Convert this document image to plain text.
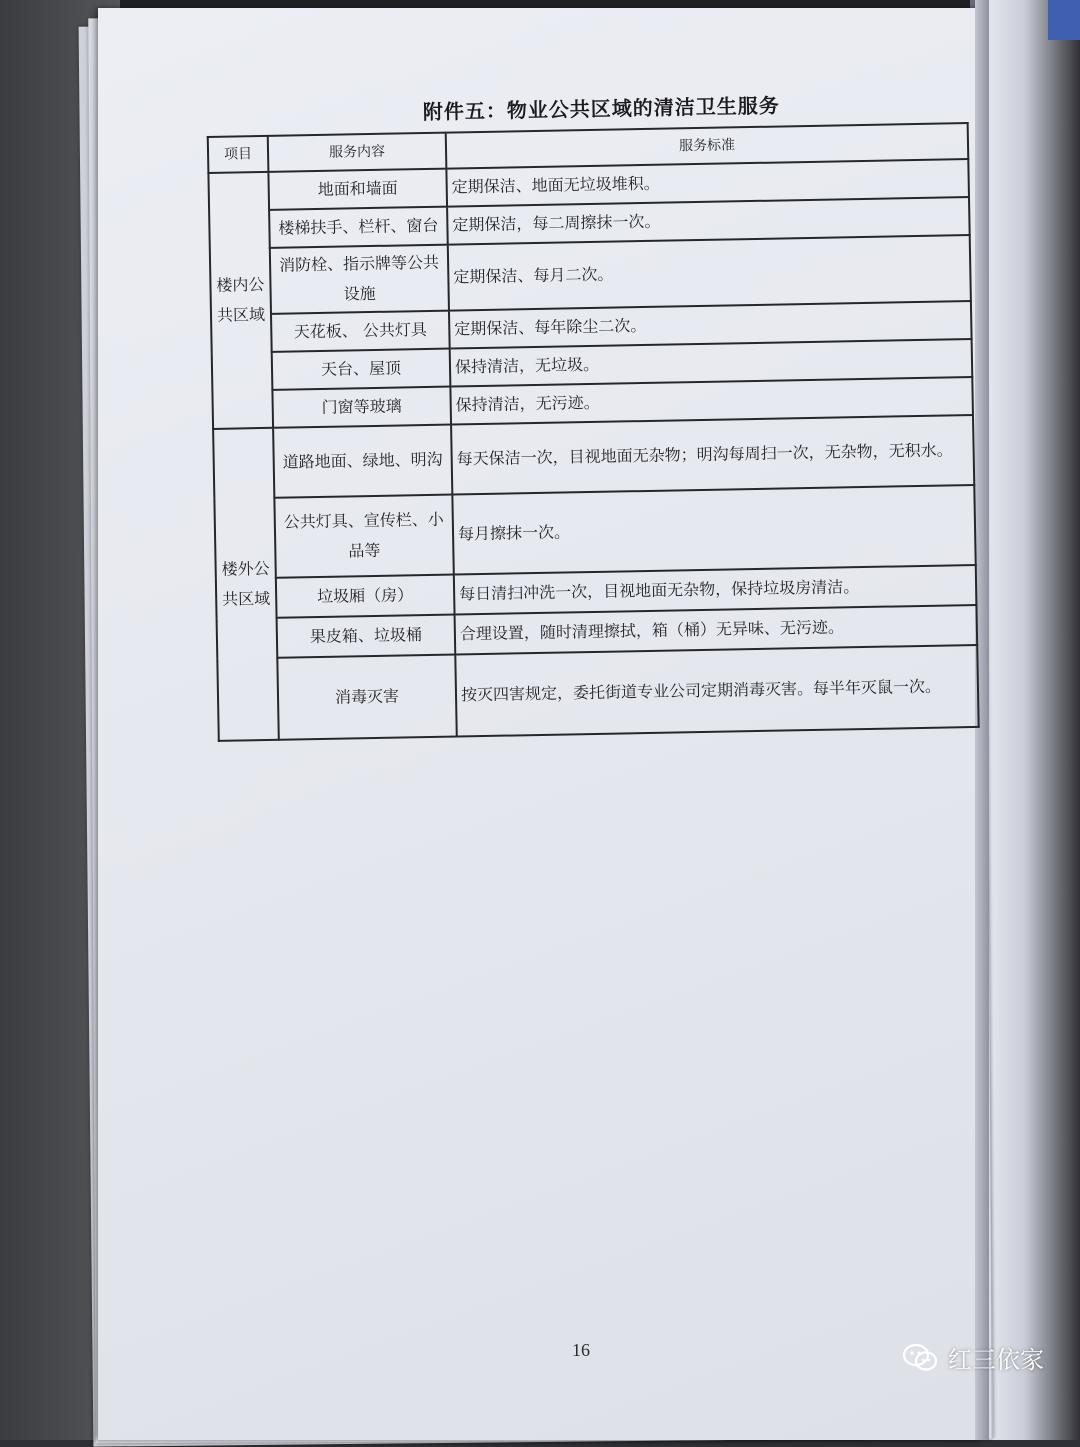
附件五：物业公共区域的清洁卫生服务
项目	服务内容	服务标准
楼内公共区域	地面和墙面	定期保洁、地面无垃圾堆积。
	楼梯扶手、栏杆、窗台	定期保洁，每二周擦抹一次。
	消防栓、指示牌等公共设施	定期保洁、每月二次。
	天花板、 公共灯具	定期保洁、每年除尘二次。
	天台、屋顶	保持清洁，无垃圾。
	门窗等玻璃	保持清洁，无污迹。
楼外公共区域	道路地面、绿地、明沟	每天保洁一次，目视地面无杂物；明沟每周扫一次，无杂物，无积水。
	公共灯具、宣传栏、小品等	每月擦抹一次。
	垃圾厢（房）	每日清扫冲洗一次，目视地面无杂物，保持垃圾房清洁。
	果皮箱、垃圾桶	合理设置，随时清理擦拭，箱（桶）无异味、无污迹。
	消毒灭害	按灭四害规定，委托街道专业公司定期消毒灭害。每半年灭鼠一次。
16	红三依家
